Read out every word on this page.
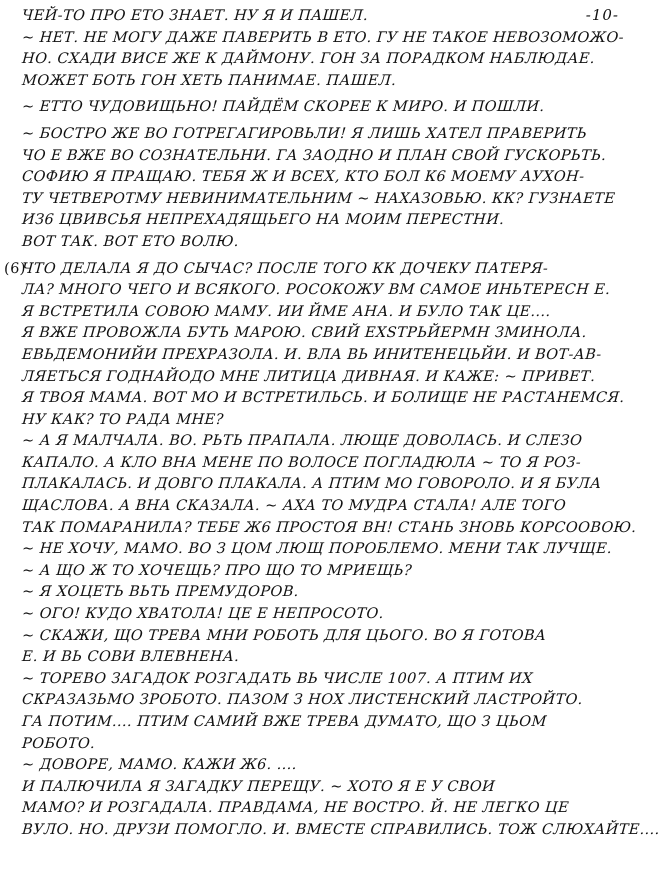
-10-
ЧЕЙ-ТО ПРО ЕТО ЗНАЕТ. НУ Я И ПАШЕЛ.
~ НЕТ. НЕ МОГУ ДАЖЕ ПАВЕРИТЬ В ЕТО. ГУ НЕ ТАКОЕ НЕВОЗОМОЖО-
НО. СХАДИ ВИСЕ ЖЕ К ДАЙМОНУ. ГОН ЗА ПОРАДКОМ НАБЛЮДАЕ.
МОЖЕТ БОТЬ ГОН ХЕТЬ ПАНИМАЕ. ПАШЕЛ.
~ ЕТТО ЧУДОВИЩЬНО! ПАЙДЁМ СКОРЕЕ К МИРО. И ПОШЛИ.
~ БОСТРО ЖЕ ВО ГОТРЕГАГИРОВЬЛИ! Я ЛИШЬ ХАТЕЛ ПРАВЕРИТЬ
ЧО Е ВЖЕ ВО СОЗНАТЕЛЬНИ. ГА ЗАОДНО И ПЛАН СВОЙ ГУСКОРЬТЬ.
СОФИЮ Я ПРАЩАЮ. ТЕБЯ Ж И ВСЕХ, КТО БОЛ К6 МОЕМУ АУХОН-
ТУ ЧЕТВЕРОТМУ НЕВИНИМАТЕЛЬНИМ ~ НАХАЗОВЬЮ. КК? ГУЗНАЕТЕ
ИЗ6 ЦВИВСЬЯ НЕПРЕХАДЯЩЬЕГО НА МОИМ ПЕРЕСТНИ.
ВОТ ТАК. ВОТ ЕТО ВОЛЮ.
(6)ЧТО ДЕЛАЛА Я ДО СЫЧАС? ПОСЛЕ ТОГО КК ДОЧЕКУ ПАТЕРЯ-
ЛА? МНОГО ЧЕГО И ВСЯКОГО. РОСОКОЖУ ВМ САМОЕ ИНЬТЕРЕСН Е.
Я ВСТРЕТИЛА СОВОЮ МАМУ. ИИ ЙМЕ АНА. И БУЛО ТАК ЦЕ....
Я ВЖЕ ПРОВОЖЛА БУТЬ МАРОЮ. СВИЙ EXSTРЬЙЕРМН ЗМИНОЛА.
ЕВЬДЕМОНИЙИ ПРЕХРАЗОЛА. И. ВЛА ВЬ ИНИТЕНЕЦЬЙИ. И ВОТ-АВ-
ЛЯЕТЬСЯ ГОДНАЙОДО МНЕ ЛИТИЦА ДИВНАЯ. И КАЖЕ: ~ ПРИВЕТ.
Я ТВОЯ МАМА. ВОТ МО И ВСТРЕТИЛЬСЬ. И БОЛИЩЕ НЕ РАСТАНЕМСЯ.
НУ КАК? ТО РАДА МНЕ?
~ А Я МАЛЧАЛА. ВО. РЬТЬ ПРАПАЛА. ЛЮЩЕ ДОВОЛАСЬ. И СЛЕЗО
КАПАЛО. А КЛО ВНА МЕНЕ ПО ВОЛОСЕ ПОГЛАДЮЛА ~ ТО Я РОЗ-
ПЛАКАЛАСЬ. И ДОВГО ПЛАКАЛА. А ПТИМ МО ГОВОРОЛО. И Я БУЛА
ЩАСЛОВА. А ВНА СКАЗАЛА. ~ АХА ТО МУДРА СТАЛА! АЛЕ ТОГО
ТАК ПОМАРАНИЛА? ТЕБЕ Ж6 ПРОСТОЯ ВН! СТАНЬ ЗНОВЬ КОРСООВОЮ.
~ НЕ ХОЧУ, МАМО. ВО З ЦОМ ЛЮЩ ПОРОБЛЕМО. МЕНИ ТАК ЛУЧЩЕ.
~ А ЩО Ж ТО ХОЧЕЩЬ? ПРО ЩО ТО МРИЕЩЬ?
~ Я ХОЦЕТЬ ВЬТЬ ПРЕМУДОРОВ.
~ ОГО! КУДО ХВАТОЛА! ЦЕ Е НЕПРОСОТО.
~ СКАЖИ, ЩО ТРЕВА МНИ РОБОТЬ ДЛЯ ЦЬОГО. ВО Я ГОТОВА
Е. И ВЬ СОВИ ВЛЕВНЕНА.
~ ТОРЕВО ЗАГАДОК РОЗГАДАТЬ ВЬ ЧИСЛЕ 1007. А ПТИМ ИХ
СКРАЗАЗЬМО ЗРОБОТО. ПАЗОМ З НОХ ЛИСТЕНСКИЙ ЛАСТРОЙТО.
ГА ПОТИМ.... ПТИМ САМИЙ ВЖЕ ТРЕВА ДУМАТО, ЩО З ЦЬОМ
РОБОТО.
~ ДОВОРЕ, МАМО. КАЖИ Ж6. ....
И ПАЛЮЧИЛА Я ЗАГАДКУ ПЕРЕЩУ. ~ ХОТО Я Е У СВОИ
МАМО? И РОЗГАДАЛА. ПРАВДАМА, НЕ ВОСТРО. Й. НЕ ЛЕГКО ЦЕ
ВУЛО. НО. ДРУЗИ ПОМОГЛО. И. ВМЕСТЕ СПРАВИЛИСЬ. ТОЖ СЛЮХАЙТЕ....
